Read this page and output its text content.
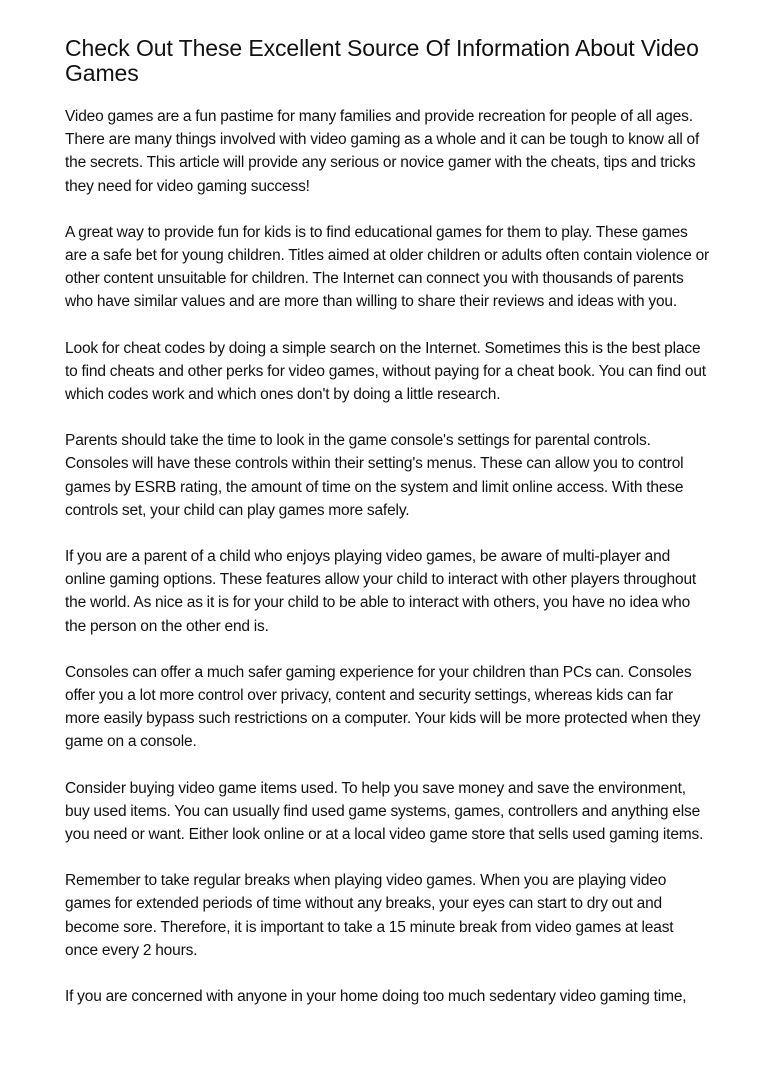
Check Out These Excellent Source Of Information About Video Games

Video games are a fun pastime for many families and provide recreation for people of all ages. There are many things involved with video gaming as a whole and it can be tough to know all of the secrets. This article will provide any serious or novice gamer with the cheats, tips and tricks they need for video gaming success!

A great way to provide fun for kids is to find educational games for them to play. These games are a safe bet for young children. Titles aimed at older children or adults often contain violence or other content unsuitable for children. The Internet can connect you with thousands of parents who have similar values and are more than willing to share their reviews and ideas with you.

Look for cheat codes by doing a simple search on the Internet. Sometimes this is the best place to find cheats and other perks for video games, without paying for a cheat book. You can find out which codes work and which ones don't by doing a little research.

Parents should take the time to look in the game console's settings for parental controls. Consoles will have these controls within their setting's menus. These can allow you to control games by ESRB rating, the amount of time on the system and limit online access. With these controls set, your child can play games more safely.

If you are a parent of a child who enjoys playing video games, be aware of multi-player and online gaming options. These features allow your child to interact with other players throughout the world. As nice as it is for your child to be able to interact with others, you have no idea who the person on the other end is.

Consoles can offer a much safer gaming experience for your children than PCs can. Consoles offer you a lot more control over privacy, content and security settings, whereas kids can far more easily bypass such restrictions on a computer. Your kids will be more protected when they game on a console.

Consider buying video game items used. To help you save money and save the environment, buy used items. You can usually find used game systems, games, controllers and anything else you need or want. Either look online or at a local video game store that sells used gaming items.

Remember to take regular breaks when playing video games. When you are playing video games for extended periods of time without any breaks, your eyes can start to dry out and become sore. Therefore, it is important to take a 15 minute break from video games at least once every 2 hours.

If you are concerned with anyone in your home doing too much sedentary video gaming time,
